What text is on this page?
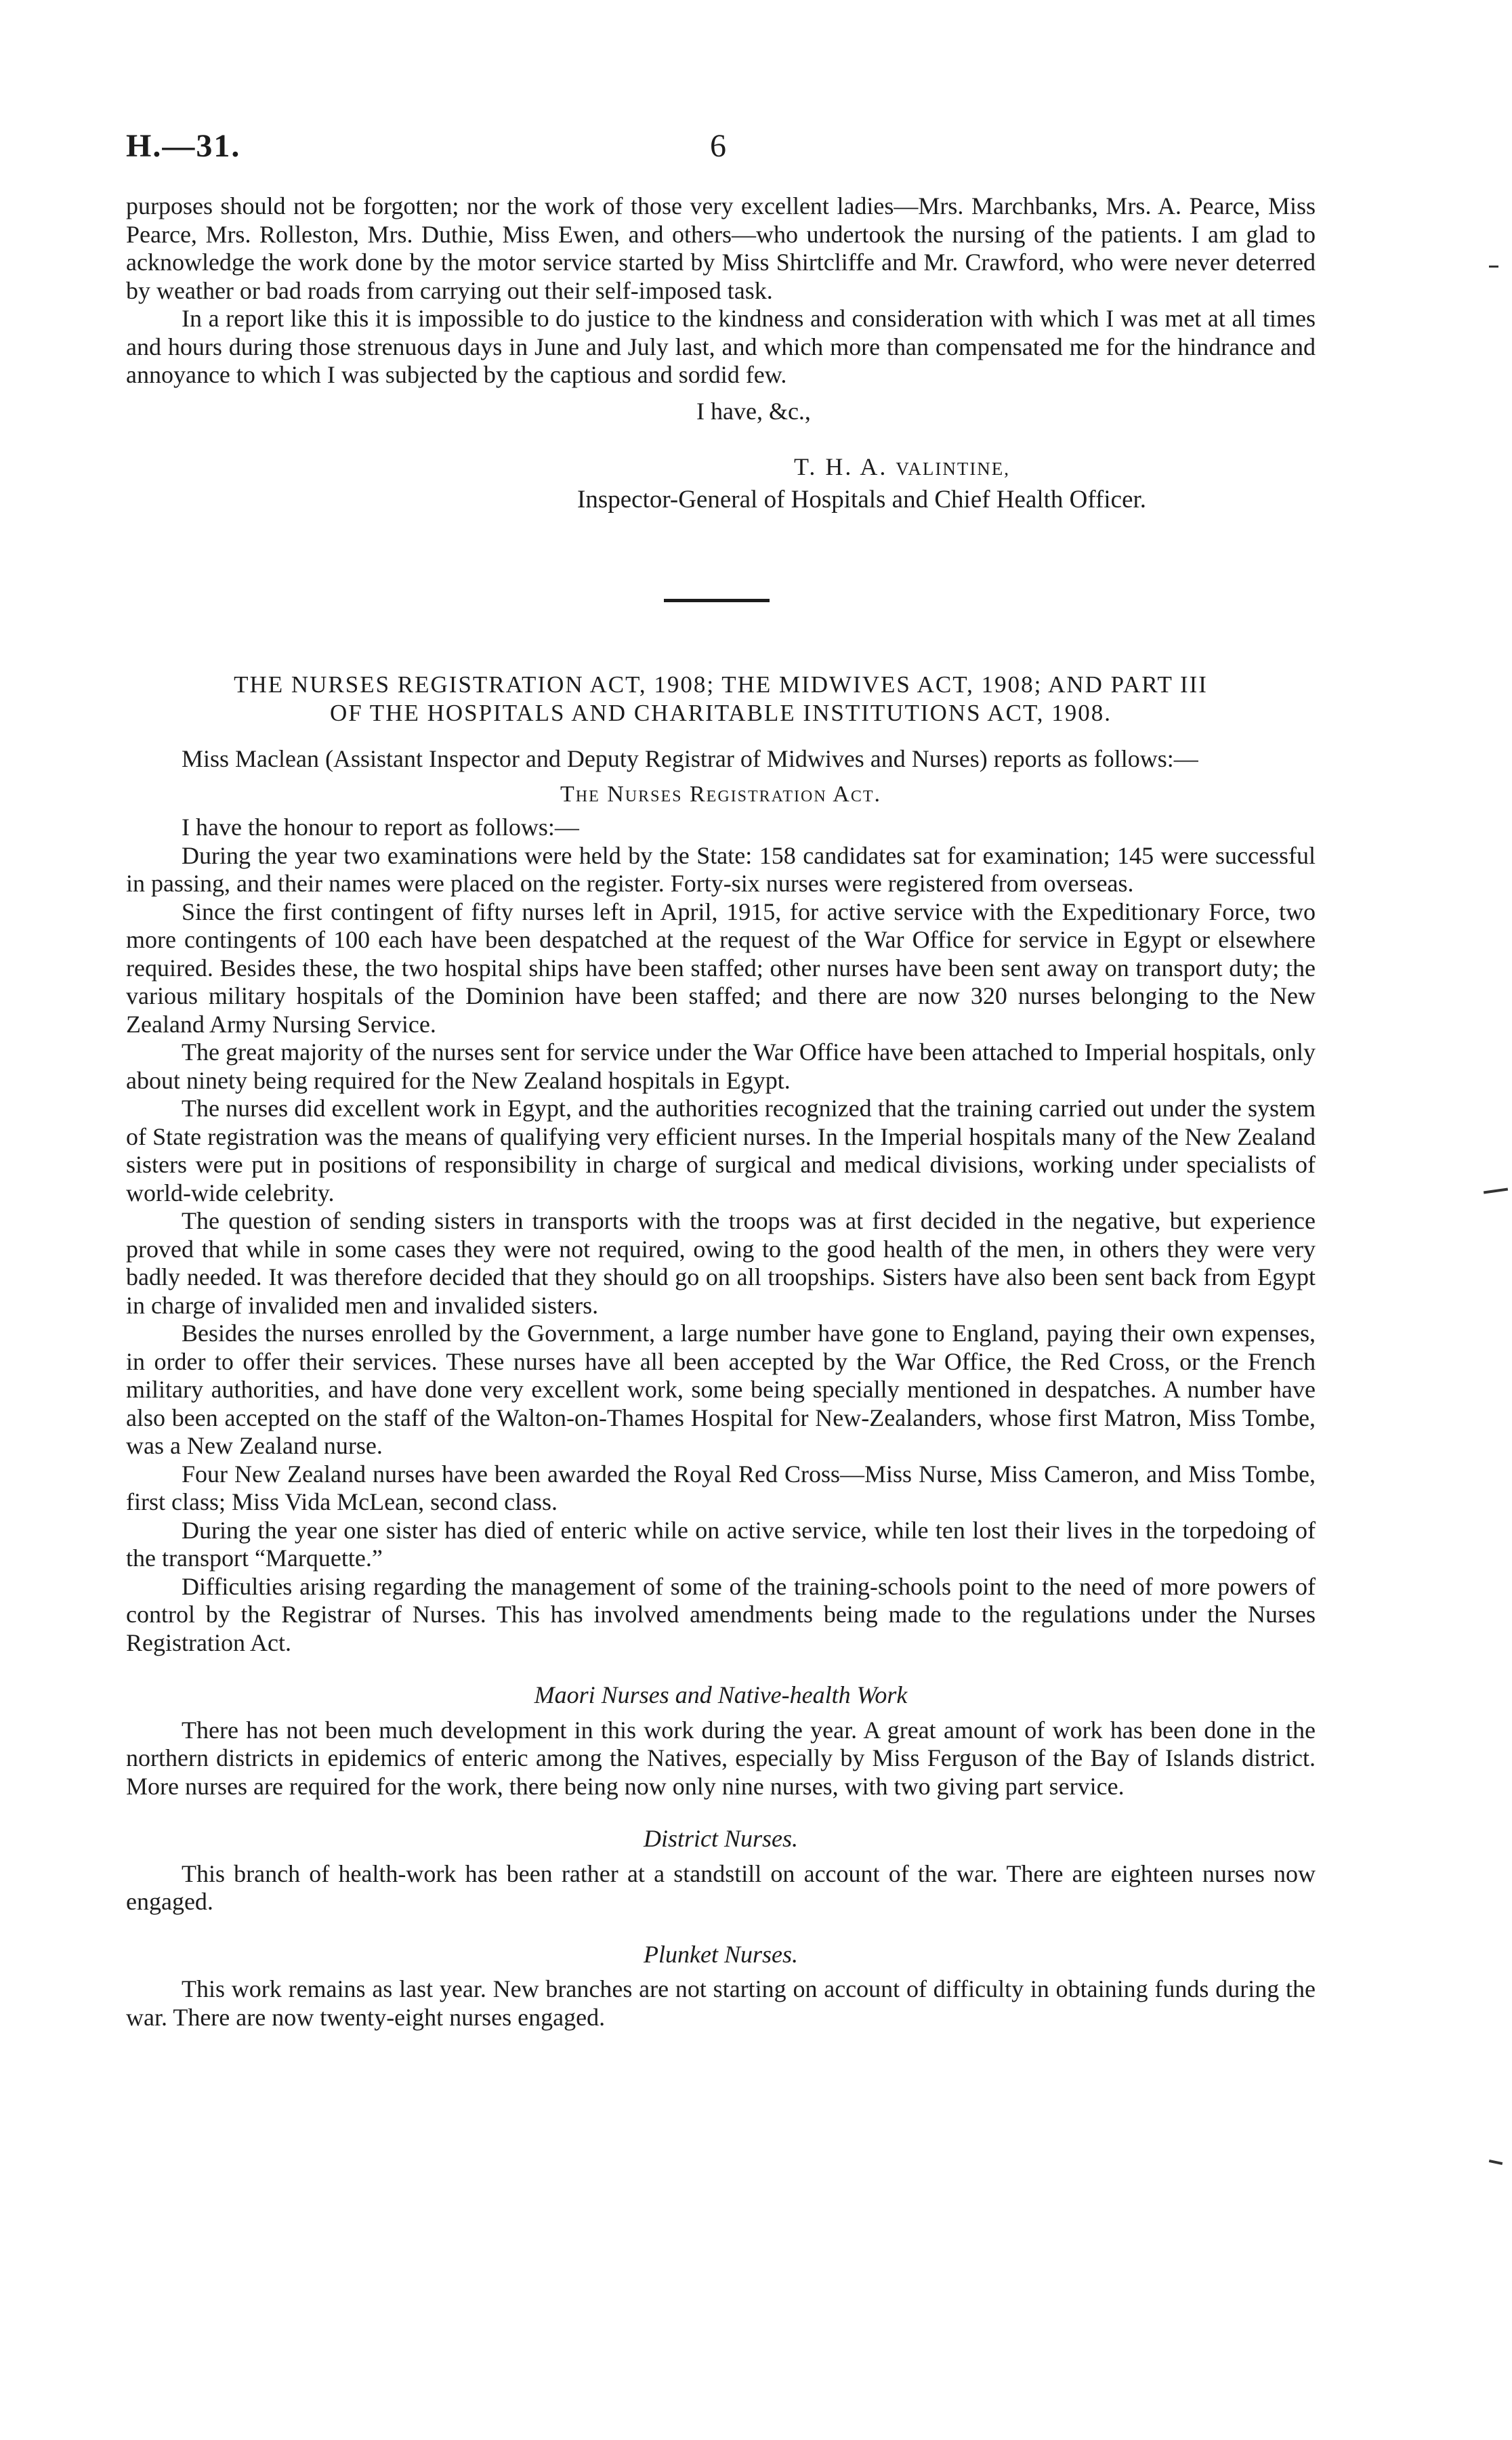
H.—31.	6

purposes should not be forgotten; nor the work of those very excellent ladies—Mrs. Marchbanks, Mrs. A. Pearce, Miss Pearce, Mrs. Rolleston, Mrs. Duthie, Miss Ewen, and others—who undertook the nursing of the patients. I am glad to acknowledge the work done by the motor service started by Miss Shirtcliffe and Mr. Crawford, who were never deterred by weather or bad roads from carrying out their self-imposed task.

In a report like this it is impossible to do justice to the kindness and consideration with which I was met at all times and hours during those strenuous days in June and July last, and which more than compensated me for the hindrance and annoyance to which I was subjected by the captious and sordid few.

I have, &c.,
T. H. A. VALINTINE,
Inspector-General of Hospitals and Chief Health Officer.
THE NURSES REGISTRATION ACT, 1908; THE MIDWIVES ACT, 1908; AND PART III
OF THE HOSPITALS AND CHARITABLE INSTITUTIONS ACT, 1908.

Miss Maclean (Assistant Inspector and Deputy Registrar of Midwives and Nurses) reports as follows:—

The Nurses Registration Act.

I have the honour to report as follows:—

During the year two examinations were held by the State: 158 candidates sat for examination; 145 were successful in passing, and their names were placed on the register. Forty-six nurses were registered from overseas.

Since the first contingent of fifty nurses left in April, 1915, for active service with the Expeditionary Force, two more contingents of 100 each have been despatched at the request of the War Office for service in Egypt or elsewhere required. Besides these, the two hospital ships have been staffed; other nurses have been sent away on transport duty; the various military hospitals of the Dominion have been staffed; and there are now 320 nurses belonging to the New Zealand Army Nursing Service.

The great majority of the nurses sent for service under the War Office have been attached to Imperial hospitals, only about ninety being required for the New Zealand hospitals in Egypt.

The nurses did excellent work in Egypt, and the authorities recognized that the training carried out under the system of State registration was the means of qualifying very efficient nurses. In the Imperial hospitals many of the New Zealand sisters were put in positions of responsibility in charge of surgical and medical divisions, working under specialists of world-wide celebrity.

The question of sending sisters in transports with the troops was at first decided in the negative, but experience proved that while in some cases they were not required, owing to the good health of the men, in others they were very badly needed. It was therefore decided that they should go on all troopships. Sisters have also been sent back from Egypt in charge of invalided men and invalided sisters.

Besides the nurses enrolled by the Government, a large number have gone to England, paying their own expenses, in order to offer their services. These nurses have all been accepted by the War Office, the Red Cross, or the French military authorities, and have done very excellent work, some being specially mentioned in despatches. A number have also been accepted on the staff of the Walton-on-Thames Hospital for New-Zealanders, whose first Matron, Miss Tombe, was a New Zealand nurse.

Four New Zealand nurses have been awarded the Royal Red Cross—Miss Nurse, Miss Cameron, and Miss Tombe, first class; Miss Vida McLean, second class.

During the year one sister has died of enteric while on active service, while ten lost their lives in the torpedoing of the transport “Marquette.”

Difficulties arising regarding the management of some of the training-schools point to the need of more powers of control by the Registrar of Nurses. This has involved amendments being made to the regulations under the Nurses Registration Act.

Maori Nurses and Native-health Work

There has not been much development in this work during the year. A great amount of work has been done in the northern districts in epidemics of enteric among the Natives, especially by Miss Ferguson of the Bay of Islands district. More nurses are required for the work, there being now only nine nurses, with two giving part service.

District Nurses.

This branch of health-work has been rather at a standstill on account of the war. There are eighteen nurses now engaged.

Plunket Nurses.

This work remains as last year. New branches are not starting on account of difficulty in obtaining funds during the war. There are now twenty-eight nurses engaged.
